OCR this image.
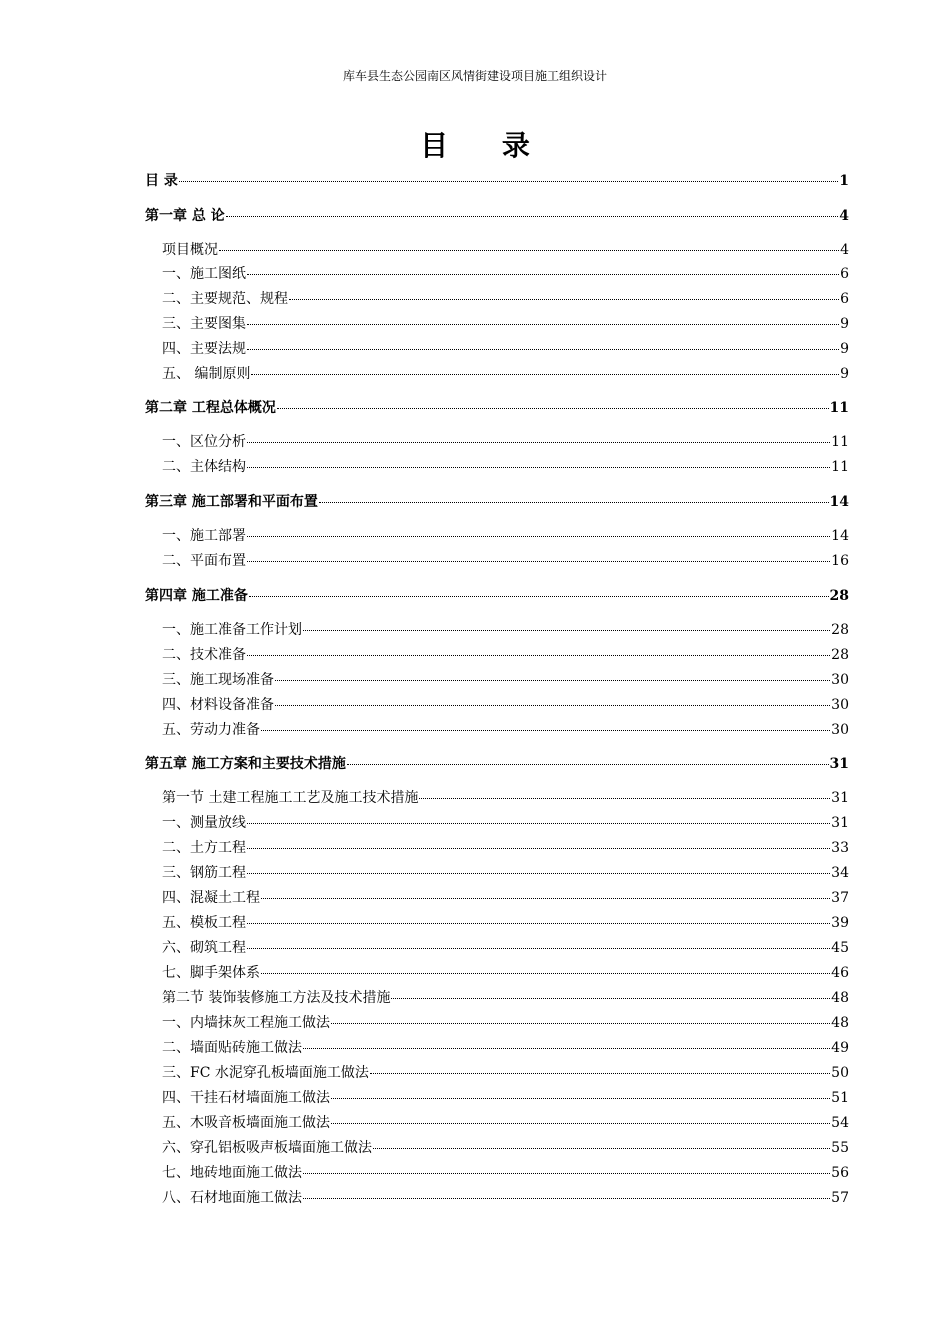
库车县生态公园南区风情街建设项目施工组织设计
目 录
目 录	1
第一章 总 论	4
项目概况	4
一、施工图纸	6
二、主要规范、规程	6
三、主要图集	9
四、主要法规	9
五、 编制原则	9
第二章 工程总体概况	11
一、区位分析	11
二、主体结构	11
第三章 施工部署和平面布置	14
一、施工部署	14
二、平面布置	16
第四章 施工准备	28
一、施工准备工作计划	28
二、技术准备	28
三、施工现场准备	30
四、材料设备准备	30
五、劳动力准备	30
第五章 施工方案和主要技术措施	31
第一节 土建工程施工工艺及施工技术措施	31
一、测量放线	31
二、土方工程	33
三、钢筋工程	34
四、混凝土工程	37
五、模板工程	39
六、砌筑工程	45
七、脚手架体系	46
第二节 装饰装修施工方法及技术措施	48
一、内墙抹灰工程施工做法	48
二、墙面贴砖施工做法	49
三、FC 水泥穿孔板墙面施工做法	50
四、干挂石材墙面施工做法	51
五、木吸音板墙面施工做法	54
六、穿孔铝板吸声板墙面施工做法	55
七、地砖地面施工做法	56
八、石材地面施工做法	57
